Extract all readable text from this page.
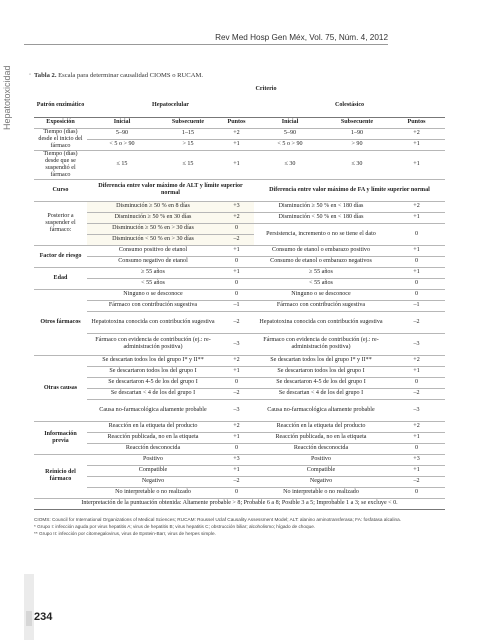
Hepatotoxicidad
Rev Med Hosp Gen Méx, Vol. 75, Núm. 4, 2012
◦ Tabla 2. Escala para determinar causalidad CIOMS o RUCAM.
	Criterio					
Patrón enzimático	Hepatocelular			Colestásico		
Exposición	Inicial	Subsecuente	Puntos	Inicial	Subsecuente	Puntos
Tiempo (días) desde el inicio del fármaco	5–90	1–15	+2	5–90	1–90	+2
	< 5 o > 90	> 15	+1	< 5 o > 90	> 90	+1
Tiempo (días) desde que se suspendió el fármaco	≤ 15	≤ 15	+1	≤ 30	≤ 30	+1
Curso	Diferencia entre valor máximo de ALT y límite superior normal			Diferencia entre valor máximo de FA y límite superior normal		
Posterior a suspender el fármaco:	Disminución ≥ 50 % en 8 días		+3	Disminución ≥ 50 % en < 180 días		+2
	Disminución ≥ 50 % en 30 días		+2	Disminución < 50 % en < 180 días		+1
	Disminución ≥ 50 % en > 30 días		0	Persistencia, incremento o no se tiene el dato		0
	Disminución < 50 % en > 30 días		–2			
Factor de riesgo	Consumo positivo de etanol		+1	Consumo de etanol o embarazo positivo		+1
	Consumo negativo de etanol		0	Consumo de etanol o embarazo negativos		0
Edad	≥ 55 años		+1	≥ 55 años		+1
	< 55 años		0	< 55 años		0
Otros fármacos	Ninguno o se desconoce		0	Ninguno o se desconoce		0
	Fármaco con contribución sugestiva		–1	Fármaco con contribución sugestiva		–1
	Hepatotoxina conocida con contribución sugestiva		–2	Hepatotoxina conocida con contribución sugestiva		–2
	Fármaco con evidencia de contribución (ej.: re-administración positiva)		–3	Fármaco con evidencia de contribución (ej.: re-administración positiva)		–3
Otras causas	Se descartan todos los del grupo I* y II**		+2	Se descartan todos los del grupo I* y II**		+2
	Se descartaron todos los del grupo I		+1	Se descartaron todos los del grupo I		+1
	Se descartaron 4-5 de los del grupo I		0	Se descartaron 4-5 de los del grupo I		0
	Se descartan < 4 de los del grupo I		–2	Se descartan < 4 de los del grupo I		–2
	Causa no-farmacológica altamente probable		–3	Causa no-farmacológica altamente probable		–3
Información previa	Reacción en la etiqueta del producto		+2	Reacción en la etiqueta del producto		+2
	Reacción publicada, no en la etiqueta		+1	Reacción publicada, no en la etiqueta		+1
	Reacción desconocida		0	Reacción desconocida		0
Reinicio del fármaco	Positivo		+3	Positivo		+3
	Compatible		+1	Compatible		+1
	Negativo		–2	Negativo		–2
	No interpretable o no realizado		0	No interpretable o no realizado		0
Interpretación de la puntuación obtenida: Altamente probable > 8; Probable 6 a 8; Posible 3 a 5; Improbable 1 a 3; se excluye < 0.						
CIOMS: Council for International Organizations of Medical Sciences; RUCAM: Roussel Uclaf Causality Assessment Model; ALT: alanino aminotransferasa; FA: fosfatasa alcalina.
* Grupo I: infección aguda por virus hepatitis A; virus de hepatitis B; virus hepatitis C; obstrucción biliar; alcoholismo; hígado de choque.
** Grupo II: infección por citomegalovirus, virus de Epstein-Barr, virus de herpes simple.
234
